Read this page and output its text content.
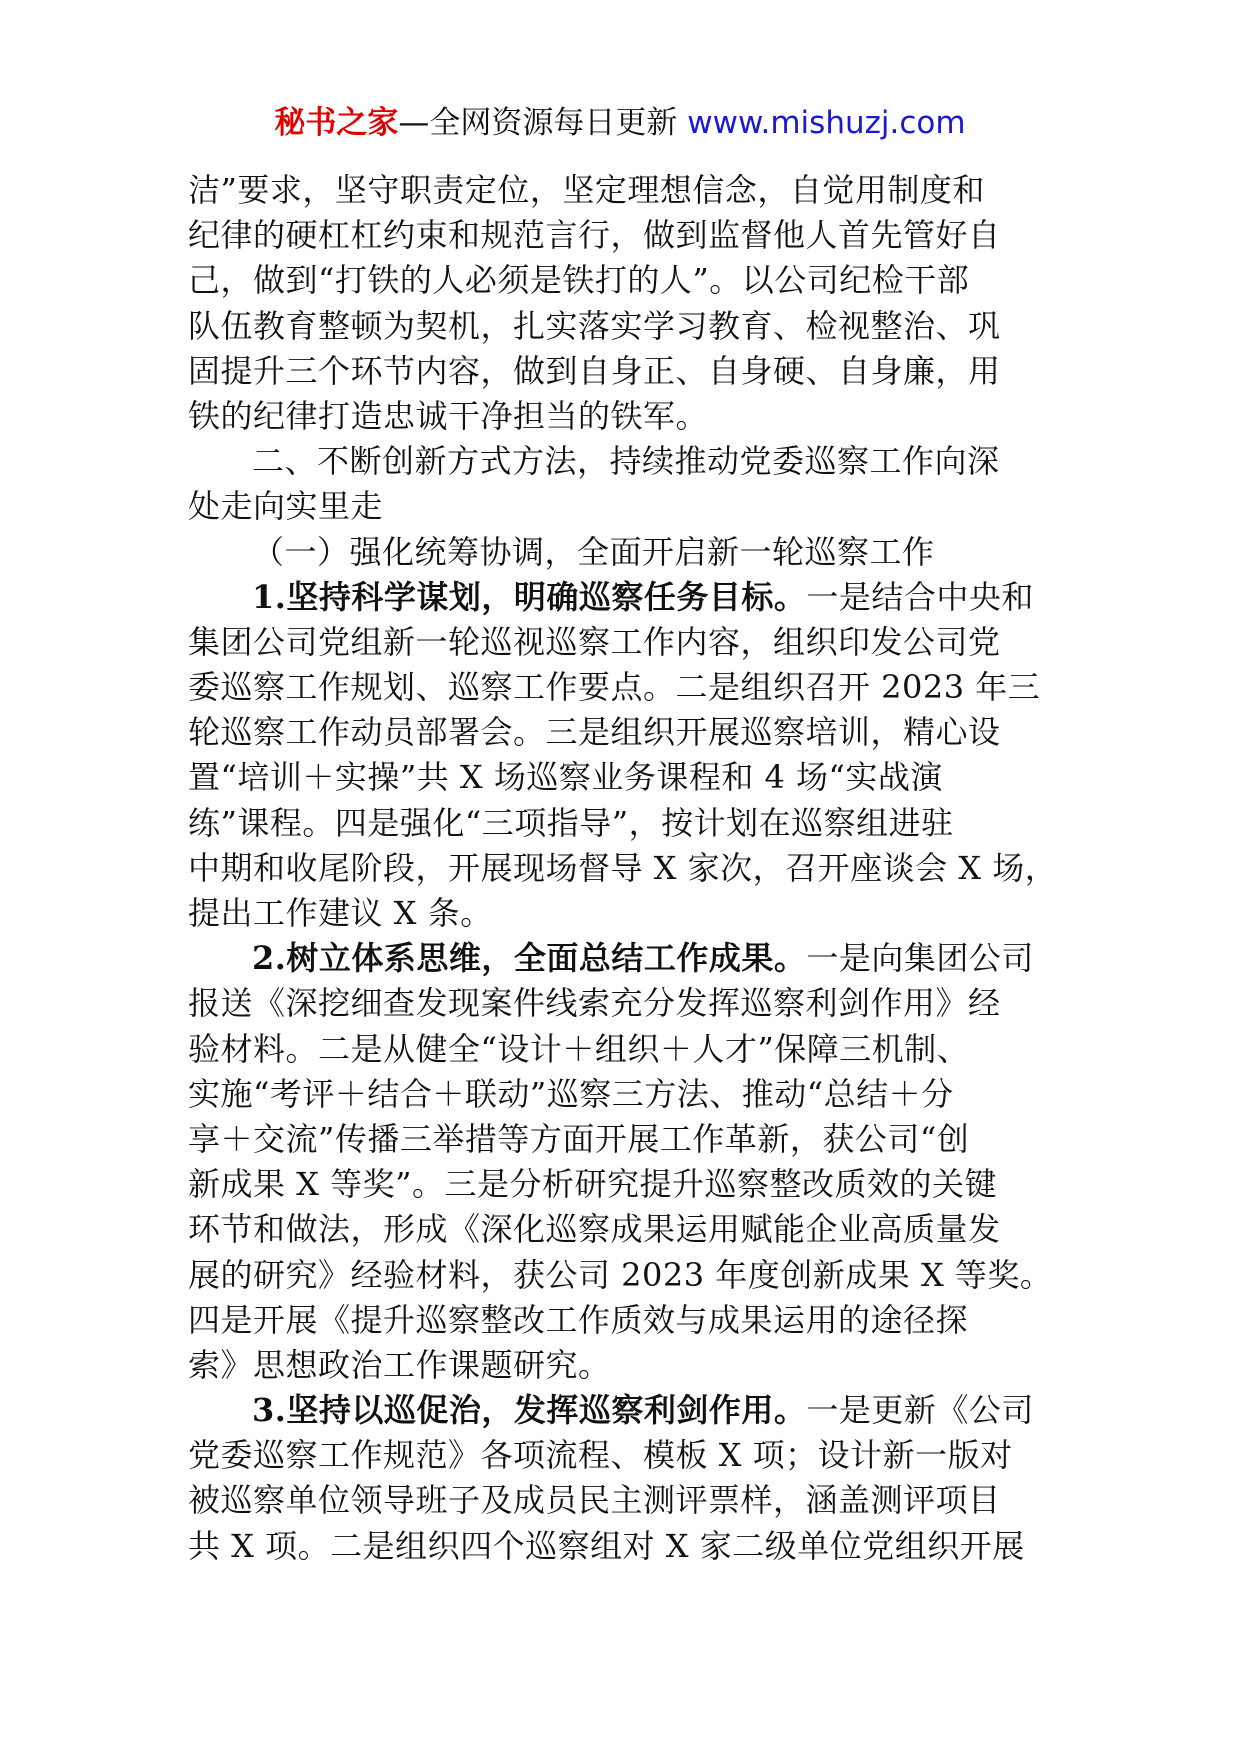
秘书之家—全网资源每日更新 www.mishuzj.com
洁”要求，坚守职责定位，坚定理想信念，自觉用制度和
纪律的硬杠杠约束和规范言行，做到监督他人首先管好自
己，做到“打铁的人必须是铁打的人”。以公司纪检干部
队伍教育整顿为契机，扎实落实学习教育、检视整治、巩
固提升三个环节内容，做到自身正、自身硬、自身廉，用
铁的纪律打造忠诚干净担当的铁军。
二、不断创新方式方法，持续推动党委巡察工作向深
处走向实里走
（一）强化统筹协调，全面开启新一轮巡察工作
1.坚持科学谋划，明确巡察任务目标。一是结合中央和
集团公司党组新一轮巡视巡察工作内容，组织印发公司党
委巡察工作规划、巡察工作要点。二是组织召开 2023 年三
轮巡察工作动员部署会。三是组织开展巡察培训，精心设
置“培训＋实操”共 X 场巡察业务课程和 4 场“实战演
练”课程。四是强化“三项指导”，按计划在巡察组进驻
中期和收尾阶段，开展现场督导 X 家次，召开座谈会 X 场，
提出工作建议 X 条。
2.树立体系思维，全面总结工作成果。一是向集团公司
报送《深挖细查发现案件线索充分发挥巡察利剑作用》经
验材料。二是从健全“设计＋组织＋人才”保障三机制、
实施“考评＋结合＋联动”巡察三方法、推动“总结＋分
享＋交流”传播三举措等方面开展工作革新，获公司“创
新成果 X 等奖”。三是分析研究提升巡察整改质效的关键
环节和做法，形成《深化巡察成果运用赋能企业高质量发
展的研究》经验材料，获公司 2023 年度创新成果 X 等奖。
四是开展《提升巡察整改工作质效与成果运用的途径探
索》思想政治工作课题研究。
3.坚持以巡促治，发挥巡察利剑作用。一是更新《公司
党委巡察工作规范》各项流程、模板 X 项；设计新一版对
被巡察单位领导班子及成员民主测评票样，涵盖测评项目
共 X 项。二是组织四个巡察组对 X 家二级单位党组织开展
